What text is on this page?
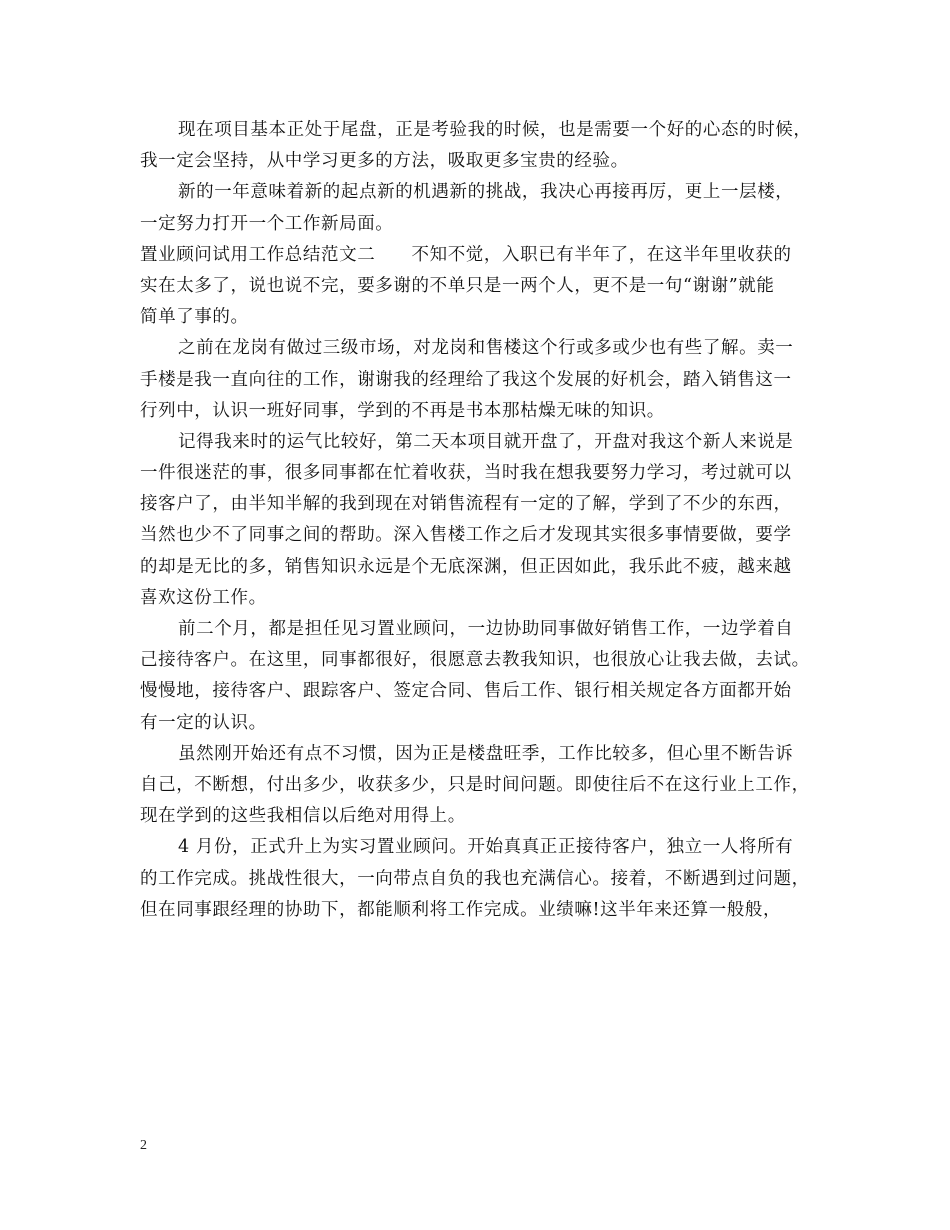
现在项目基本正处于尾盘，正是考验我的时候，也是需要一个好的心态的时候，
我一定会坚持，从中学习更多的方法，吸取更多宝贵的经验。
新的一年意味着新的起点新的机遇新的挑战，我决心再接再厉，更上一层楼，
一定努力打开一个工作新局面。
置业顾问试用工作总结范文二　　不知不觉，入职已有半年了，在这半年里收获的
实在太多了，说也说不完，要多谢的不单只是一两个人，更不是一句“谢谢”就能
简单了事的。
之前在龙岗有做过三级市场，对龙岗和售楼这个行或多或少也有些了解。卖一
手楼是我一直向往的工作，谢谢我的经理给了我这个发展的好机会，踏入销售这一
行列中，认识一班好同事，学到的不再是书本那枯燥无味的知识。
记得我来时的运气比较好，第二天本项目就开盘了，开盘对我这个新人来说是
一件很迷茫的事，很多同事都在忙着收获，当时我在想我要努力学习，考过就可以
接客户了，由半知半解的我到现在对销售流程有一定的了解，学到了不少的东西，
当然也少不了同事之间的帮助。深入售楼工作之后才发现其实很多事情要做，要学
的却是无比的多，销售知识永远是个无底深渊，但正因如此，我乐此不疲，越来越
喜欢这份工作。
前二个月，都是担任见习置业顾问，一边协助同事做好销售工作，一边学着自
己接待客户。在这里，同事都很好，很愿意去教我知识，也很放心让我去做，去试。
慢慢地，接待客户、跟踪客户、签定合同、售后工作、银行相关规定各方面都开始
有一定的认识。
虽然刚开始还有点不习惯，因为正是楼盘旺季，工作比较多，但心里不断告诉
自己，不断想，付出多少，收获多少，只是时间问题。即使往后不在这行业上工作，
现在学到的这些我相信以后绝对用得上。
4 月份，正式升上为实习置业顾问。开始真真正正接待客户，独立一人将所有
的工作完成。挑战性很大，一向带点自负的我也充满信心。接着，不断遇到过问题，
但在同事跟经理的协助下，都能顺利将工作完成。业绩嘛!这半年来还算一般般，
2
